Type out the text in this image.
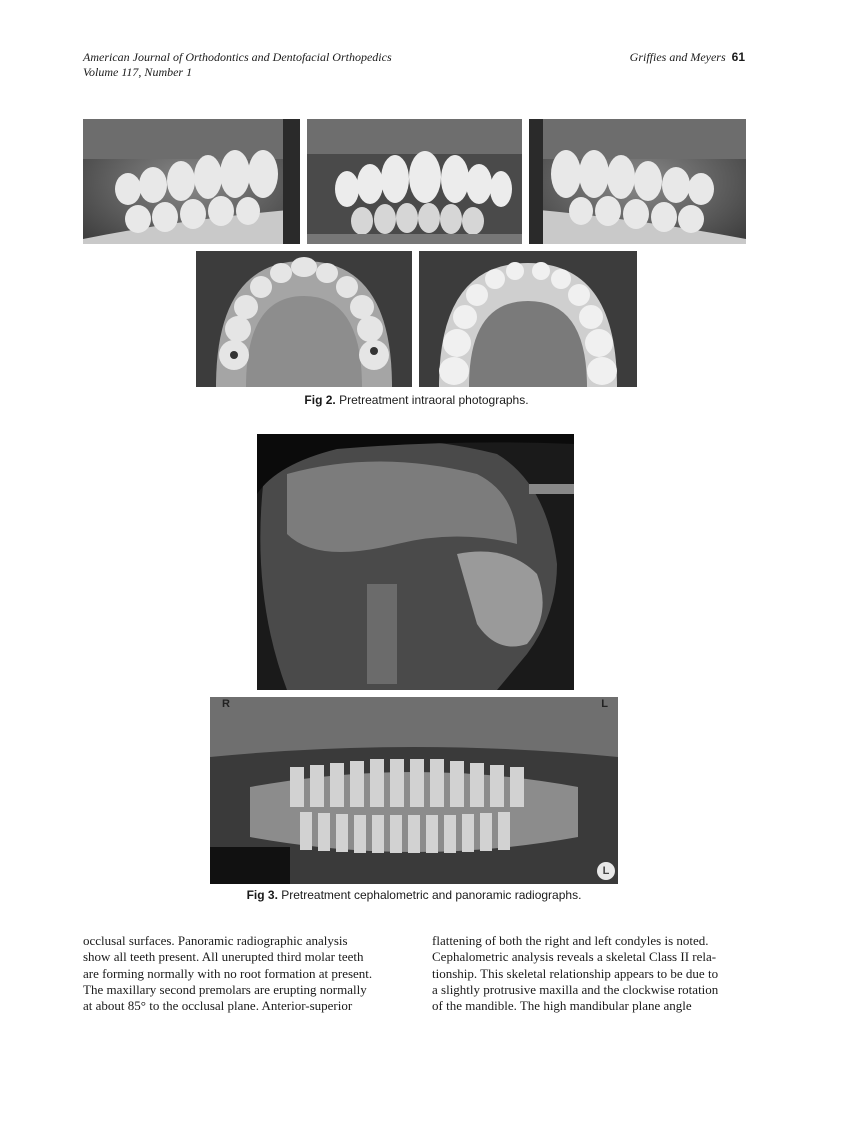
American Journal of Orthodontics and Dentofacial Orthopedics
Volume 117, Number 1
Griffies and Meyers 61
Fig 2. Pretreatment intraoral photographs.
R	L
L
Fig 3. Pretreatment cephalometric and panoramic radiographs.
occlusal surfaces. Panoramic radiographic analysis
show all teeth present. All unerupted third molar teeth
are forming normally with no root formation at present.
The maxillary second premolars are erupting normally
at about 85° to the occlusal plane. Anterior-superior
flattening of both the right and left condyles is noted.
Cephalometric analysis reveals a skeletal Class II rela-
tionship. This skeletal relationship appears to be due to
a slightly protrusive maxilla and the clockwise rotation
of the mandible. The high mandibular plane angle
